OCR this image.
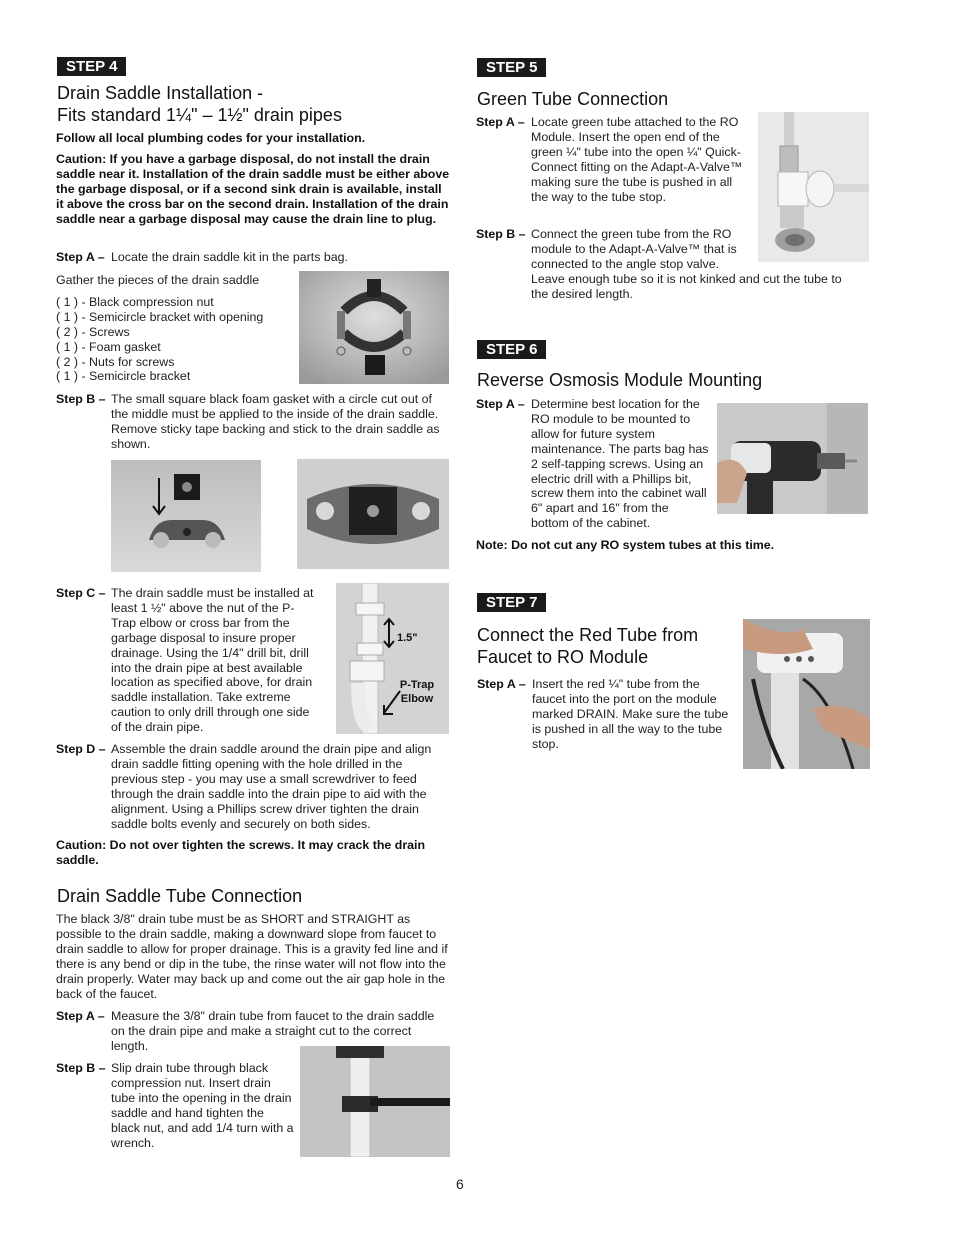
STEP 4
Drain Saddle Installation -
Fits standard 1¼" – 1½" drain pipes
Follow all local plumbing codes for your installation.
Caution: If you have a garbage disposal, do not install the drain saddle near it. Installation of the drain saddle must be either above the garbage disposal, or if a second sink drain is available, install it above the cross bar on the second drain. Installation of the drain saddle near a garbage disposal may cause the drain line to plug.
Step A – Locate the drain saddle kit in the parts bag.
Gather the pieces of the drain saddle
( 1 ) - Black compression nut
( 1 ) - Semicircle bracket with opening
( 2 ) - Screws
( 1 ) - Foam gasket
( 2 ) - Nuts for screws
( 1 ) - Semicircle bracket
Step B – The small square black foam gasket with a circle cut out of the middle must be applied to the inside of the drain saddle. Remove sticky tape backing and stick to the drain saddle as shown.
Step C – The drain saddle must be installed at least 1 ½" above the nut of the P-Trap elbow or cross bar from the garbage disposal to insure proper drainage. Using the 1/4" drill bit, drill into the drain pipe at best available location as specified above, for drain saddle installation. Take extreme caution to only drill through one side of the drain pipe.
1.5"
P-Trap
Elbow
Step D – Assemble the drain saddle around the drain pipe and align drain saddle fitting opening with the hole drilled in the previous step - you may use a small screwdriver to feed through the drain saddle into the drain pipe to aid with the alignment. Using a Phillips screw driver tighten the drain saddle bolts evenly and securely on both sides.
Caution: Do not over tighten the screws. It may crack the drain saddle.
Drain Saddle Tube Connection
The black 3/8" drain tube must be as SHORT and STRAIGHT as possible to the drain saddle, making a downward slope from faucet to drain saddle to allow for proper drainage. This is a gravity fed line and if there is any bend or dip in the tube, the rinse water will not flow into the drain properly. Water may back up and come out the air gap hole in the back of the faucet.
Step A – Measure the 3/8" drain tube from faucet to the drain saddle on the drain pipe and make a straight cut to the correct length.
Step B – Slip drain tube through black compression nut. Insert drain tube into the opening in the drain saddle and hand tighten the black nut, and add 1/4 turn with a wrench.
STEP 5
Green Tube Connection
Step A – Locate green tube attached to the RO Module. Insert the open end of the green ¼" tube into the open ¼" Quick-Connect fitting on the Adapt-A-Valve™ making sure the tube is pushed in all the way to the tube stop.
Step B – Connect the green tube from the RO module to the Adapt-A-Valve™ that is connected to the angle stop valve.
Leave enough tube so it is not kinked and cut the tube to the desired length.
STEP 6
Reverse Osmosis Module Mounting
Step A – Determine best location for the RO module to be mounted to allow for future system maintenance. The parts bag has 2 self-tapping screws. Using an electric drill with a Phillips bit, screw them into the cabinet wall 6" apart and 16" from the bottom of the cabinet.
Note: Do not cut any RO system tubes at this time.
STEP 7
Connect the Red Tube from
Faucet to RO Module
Step A – Insert the red ¼" tube from the faucet into the port on the module marked DRAIN. Make sure the tube is pushed in all the way to the tube stop.
6
